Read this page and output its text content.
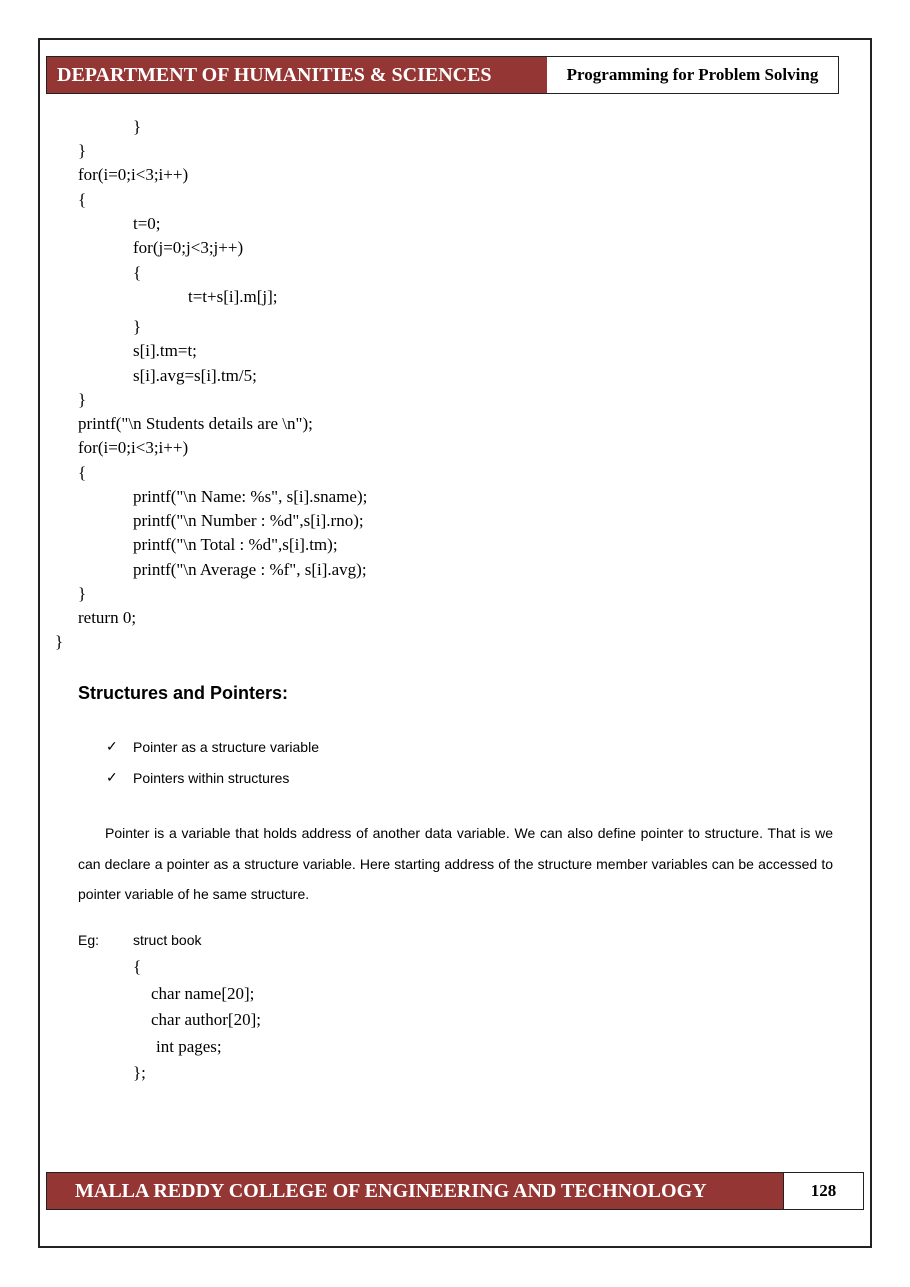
DEPARTMENT OF HUMANITIES & SCIENCES	Programming for Problem Solving
}
}
for(i=0;i<3;i++)
{
t=0;
for(j=0;j<3;j++)
{
t=t+s[i].m[j];
}
s[i].tm=t;
s[i].avg=s[i].tm/5;
}
printf("\n Students details are \n");
for(i=0;i<3;i++)
{
printf("\n Name: %s", s[i].sname);
printf("\n Number : %d",s[i].rno);
printf("\n Total : %d",s[i].tm);
printf("\n Average : %f", s[i].avg);
}
return 0;
}
Structures and Pointers:
✓	Pointer as a structure variable
✓	Pointers within structures
Pointer is a variable that holds address of another data variable. We can also define pointer to structure. That is we can declare a pointer as a structure variable. Here starting address of the structure member variables can be accessed to pointer variable of he same structure.
Eg: struct book
{
char name[20];
char author[20];
int pages;
};
MALLA REDDY COLLEGE OF ENGINEERING AND TECHNOLOGY	128
